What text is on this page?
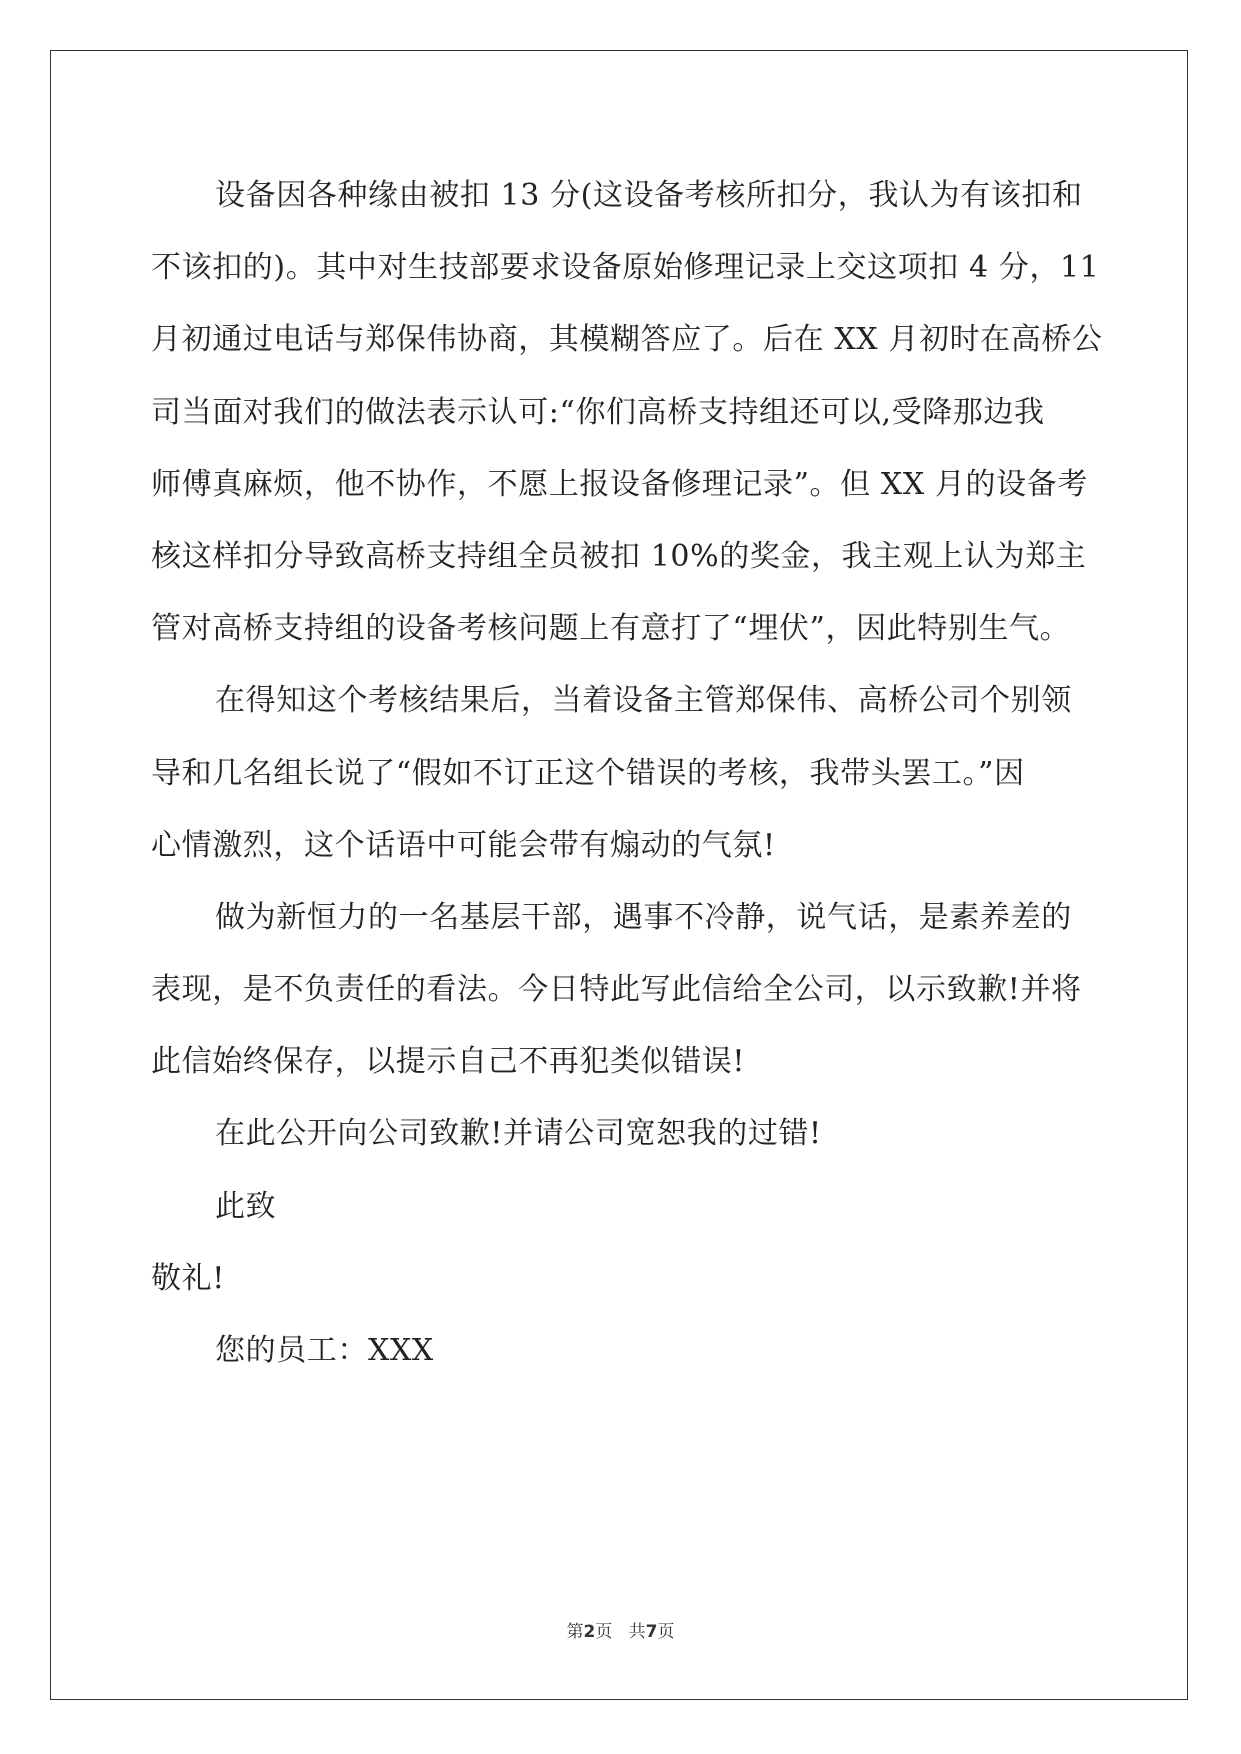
设备因各种缘由被扣 13 分(这设备考核所扣分，我认为有该扣和
不该扣的)。其中对生技部要求设备原始修理记录上交这项扣 4 分，11
月初通过电话与郑保伟协商，其模糊答应了。后在 XX 月初时在高桥公
司当面对我们的做法表示认可:“你们高桥支持组还可以,受降那边我
师傅真麻烦，他不协作，不愿上报设备修理记录”。但 XX 月的设备考
核这样扣分导致高桥支持组全员被扣 10%的奖金，我主观上认为郑主
管对高桥支持组的设备考核问题上有意打了“埋伏”，因此特别生气。
在得知这个考核结果后，当着设备主管郑保伟、高桥公司个别领
导和几名组长说了“假如不订正这个错误的考核，我带头罢工。”因
心情激烈，这个话语中可能会带有煽动的气氛!
做为新恒力的一名基层干部，遇事不冷静，说气话，是素养差的
表现，是不负责任的看法。今日特此写此信给全公司，以示致歉!并将
此信始终保存，以提示自己不再犯类似错误!
在此公开向公司致歉!并请公司宽恕我的过错!
此致
敬礼!
您的员工：XXX
第2页 共7页
